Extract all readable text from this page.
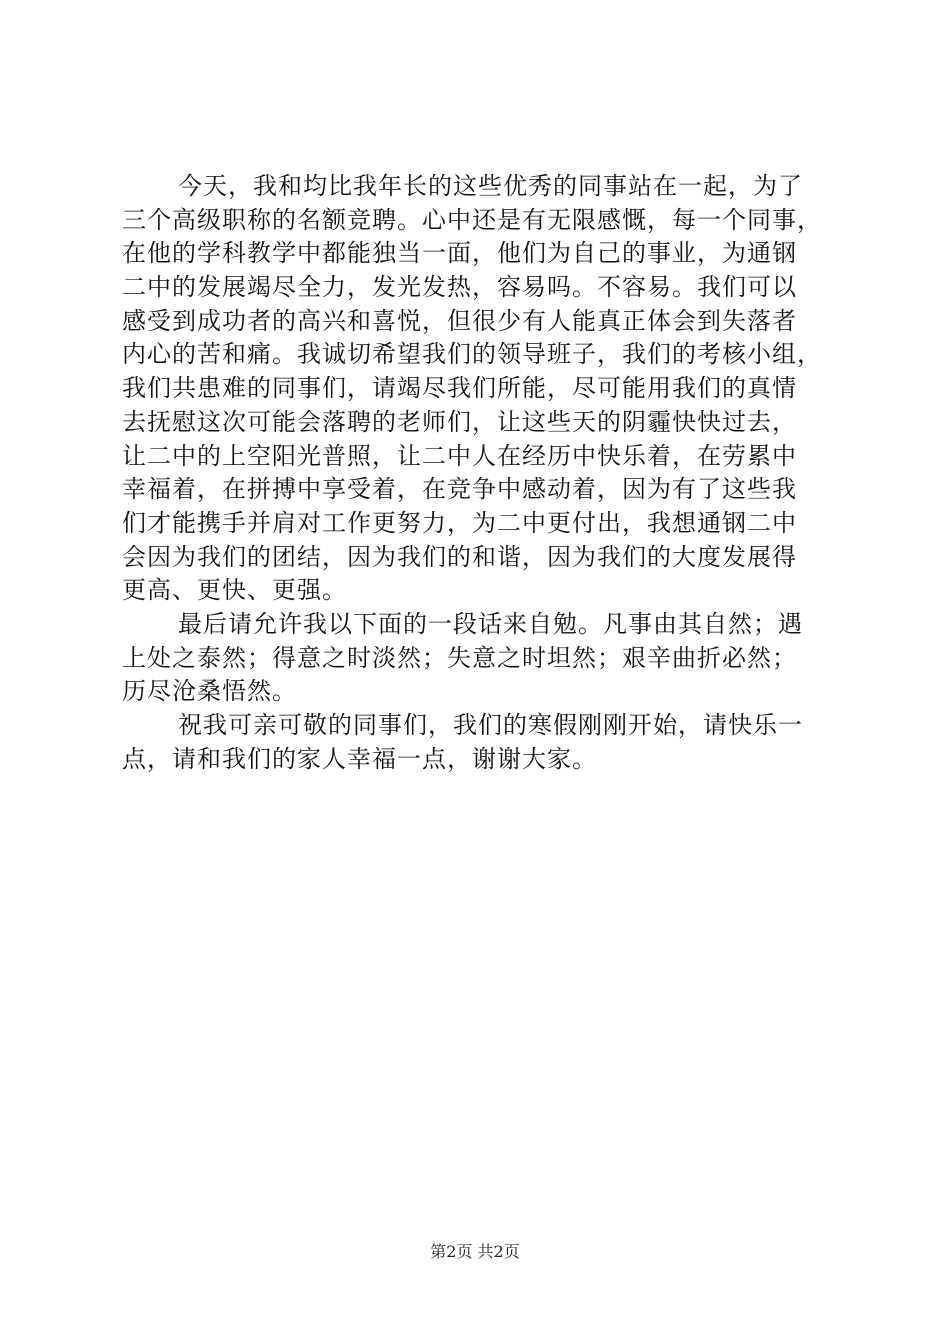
今天，我和均比我年长的这些优秀的同事站在一起，为了
三个高级职称的名额竞聘。心中还是有无限感慨，每一个同事，
在他的学科教学中都能独当一面，他们为自己的事业，为通钢
二中的发展竭尽全力，发光发热，容易吗。不容易。我们可以
感受到成功者的高兴和喜悦，但很少有人能真正体会到失落者
内心的苦和痛。我诚切希望我们的领导班子，我们的考核小组，
我们共患难的同事们，请竭尽我们所能，尽可能用我们的真情
去抚慰这次可能会落聘的老师们，让这些天的阴霾快快过去，
让二中的上空阳光普照，让二中人在经历中快乐着，在劳累中
幸福着，在拼搏中享受着，在竞争中感动着，因为有了这些我
们才能携手并肩对工作更努力，为二中更付出，我想通钢二中
会因为我们的团结，因为我们的和谐，因为我们的大度发展得
更高、更快、更强。
最后请允许我以下面的一段话来自勉。凡事由其自然；遇
上处之泰然；得意之时淡然；失意之时坦然；艰辛曲折必然；
历尽沧桑悟然。
祝我可亲可敬的同事们，我们的寒假刚刚开始，请快乐一
点，请和我们的家人幸福一点，谢谢大家。
第2页 共2页
